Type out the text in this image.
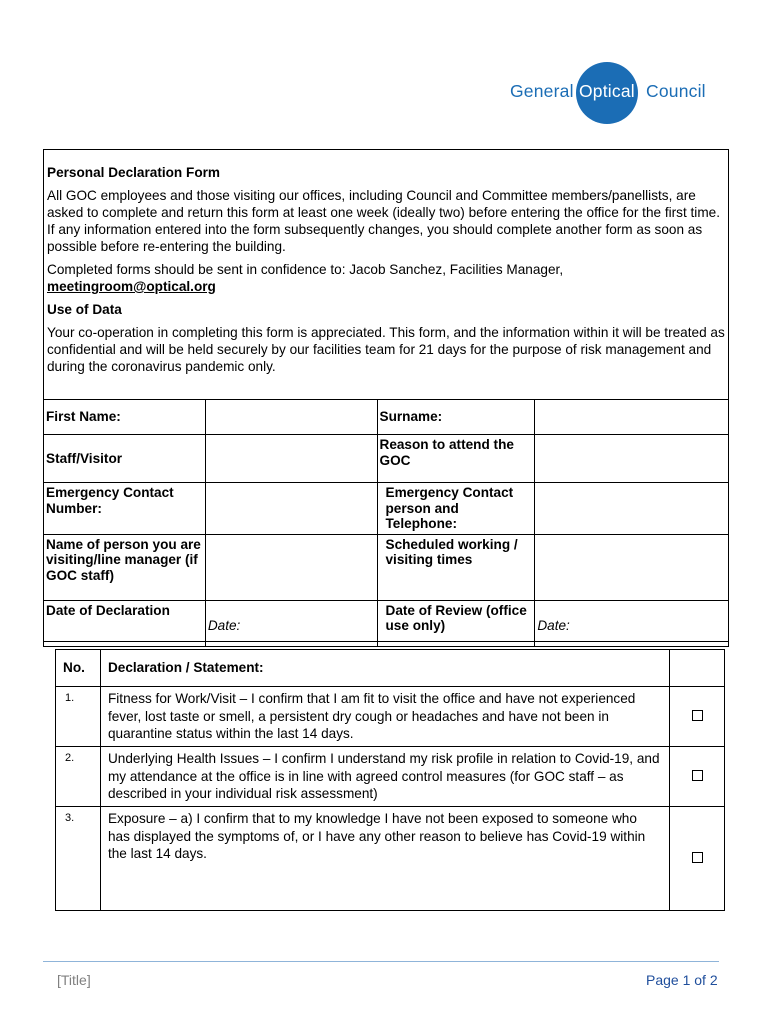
General Optical Council

Personal Declaration Form

All GOC employees and those visiting our offices, including Council and Committee members/panellists, are asked to complete and return this form at least one week (ideally two) before entering the office for the first time. If any information entered into the form subsequently changes, you should complete another form as soon as possible before re-entering the building.

Completed forms should be sent in confidence to: Jacob Sanchez, Facilities Manager,
meetingroom@optical.org

Use of Data

Your co-operation in completing this form is appreciated. This form, and the information within it will be treated as confidential and will be held securely by our facilities team for 21 days for the purpose of risk management and during the coronavirus pandemic only.

First Name:		Surname:	
Staff/Visitor		Reason to attend the GOC	
Emergency Contact Number:		Emergency Contact person and Telephone:	
Name of person you are visiting/line manager (if GOC staff)		Scheduled working / visiting times	
Date of Declaration	Date:	Date of Review (office use only)	Date:
No.	Declaration / Statement:	
1.	Fitness for Work/Visit – I confirm that I am fit to visit the office and have not experienced fever, lost taste or smell, a persistent dry cough or headaches and have not been in quarantine status within the last 14 days.	
2.	Underlying Health Issues – I confirm I understand my risk profile in relation to Covid-19, and my attendance at the office is in line with agreed control measures (for GOC staff – as described in your individual risk assessment)	
3.	Exposure – a) I confirm that to my knowledge I have not been exposed to someone who has displayed the symptoms of, or I have any other reason to believe has Covid-19 within the last 14 days.	
[Title]	Page 1 of 2
